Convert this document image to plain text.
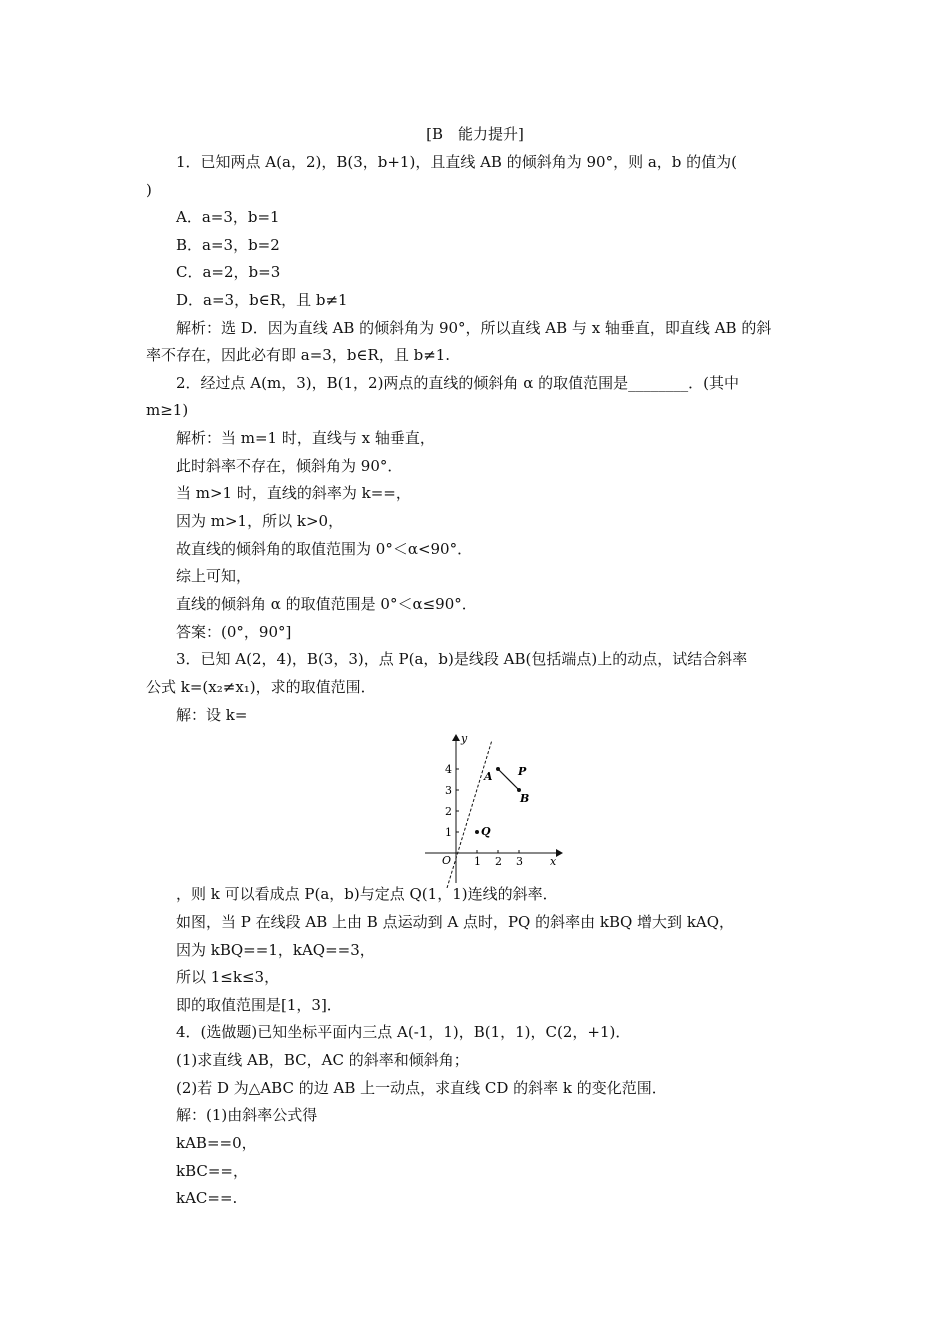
[B　能力提升]
1．已知两点 A(a，2)，B(3，b+1)，且直线 AB 的倾斜角为 90°，则 a，b 的值为(
)
A．a=3，b=1
B．a=3，b=2
C．a=2，b=3
D．a=3，b∈R，且 b≠1
解析：选 D．因为直线 AB 的倾斜角为 90°，所以直线 AB 与 x 轴垂直，即直线 AB 的斜
率不存在，因此必有即 a=3，b∈R，且 b≠1.
2．经过点 A(m，3)，B(1，2)两点的直线的倾斜角 α 的取值范围是________．(其中
m≥1)
解析：当 m=1 时，直线与 x 轴垂直，
此时斜率不存在，倾斜角为 90°．
当 m>1 时，直线的斜率为 k==，
因为 m>1，所以 k>0，
故直线的倾斜角的取值范围为 0°＜α<90°．
综上可知，
直线的倾斜角 α 的取值范围是 0°＜α≤90°．
答案：(0°，90°]
3．已知 A(2，4)，B(3，3)，点 P(a，b)是线段 AB(包括端点)上的动点，试结合斜率
公式 k=(x₂≠x₁)，求的取值范围．
解：设 k=
x
y
O 1 2 3
1
2
3
4
A
B
P
Q
，则 k 可以看成点 P(a，b)与定点 Q(1，1)连线的斜率．
如图，当 P 在线段 AB 上由 B 点运动到 A 点时，PQ 的斜率由 kBQ 增大到 kAQ，
因为 kBQ==1，kAQ==3，
所以 1≤k≤3，
即的取值范围是[1，3]．
4．(选做题)已知坐标平面内三点 A(-1，1)，B(1，1)，C(2，+1)．
(1)求直线 AB，BC，AC 的斜率和倾斜角；
(2)若 D 为△ABC 的边 AB 上一动点，求直线 CD 的斜率 k 的变化范围．
解：(1)由斜率公式得
kAB==0，
kBC==，
kAC==.
